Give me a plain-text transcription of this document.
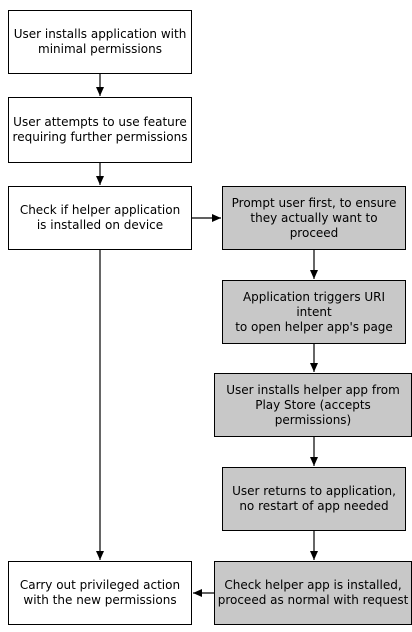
User installs application with
minimal permissions
User attempts to use feature
requiring further permissions
Check if helper application
is installed on device
Carry out privileged action
with the new permissions
Prompt user first, to ensure
they actually want to proceed
Application triggers URI intent
to open helper app's page
User installs helper app from
Play Store (accepts permissions)
User returns to application,
no restart of app needed
Check helper app is installed,
proceed as normal with request
